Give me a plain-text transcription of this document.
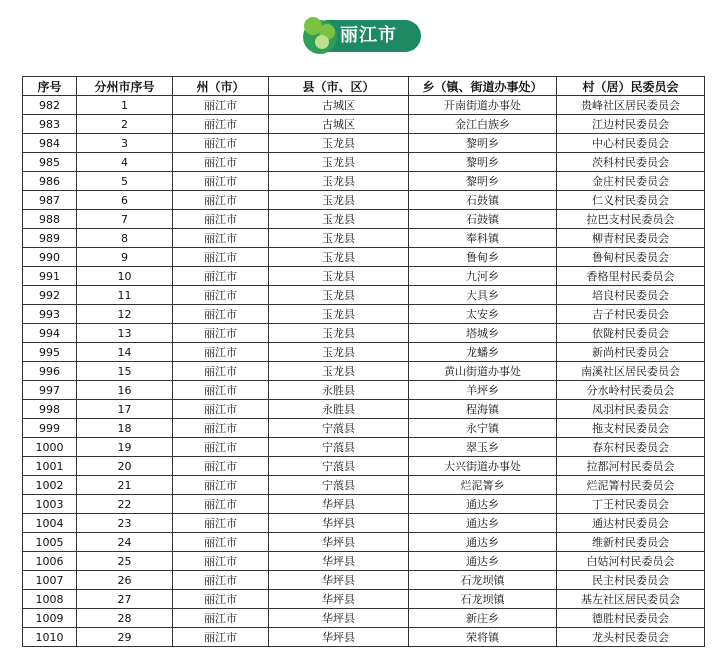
丽江市
序号	分州市序号	州（市）	县（市、区）	乡（镇、街道办事处）	村（居）民委员会
982	1	丽江市	古城区	开南街道办事处	贵峰社区居民委员会
983	2	丽江市	古城区	金江白族乡	江边村民委员会
984	3	丽江市	玉龙县	黎明乡	中心村民委员会
985	4	丽江市	玉龙县	黎明乡	茨科村民委员会
986	5	丽江市	玉龙县	黎明乡	金庄村民委员会
987	6	丽江市	玉龙县	石鼓镇	仁义村民委员会
988	7	丽江市	玉龙县	石鼓镇	拉巴支村民委员会
989	8	丽江市	玉龙县	奉科镇	柳青村民委员会
990	9	丽江市	玉龙县	鲁甸乡	鲁甸村民委员会
991	10	丽江市	玉龙县	九河乡	香格里村民委员会
992	11	丽江市	玉龙县	大具乡	培良村民委员会
993	12	丽江市	玉龙县	太安乡	吉子村民委员会
994	13	丽江市	玉龙县	塔城乡	依陇村民委员会
995	14	丽江市	玉龙县	龙蟠乡	新尚村民委员会
996	15	丽江市	玉龙县	黄山街道办事处	南溪社区居民委员会
997	16	丽江市	永胜县	羊坪乡	分水岭村民委员会
998	17	丽江市	永胜县	程海镇	凤羽村民委员会
999	18	丽江市	宁蒗县	永宁镇	拖支村民委员会
1000	19	丽江市	宁蒗县	翠玉乡	春东村民委员会
1001	20	丽江市	宁蒗县	大兴街道办事处	拉都河村民委员会
1002	21	丽江市	宁蒗县	烂泥箐乡	烂泥箐村民委员会
1003	22	丽江市	华坪县	通达乡	丁王村民委员会
1004	23	丽江市	华坪县	通达乡	通达村民委员会
1005	24	丽江市	华坪县	通达乡	维新村民委员会
1006	25	丽江市	华坪县	通达乡	白姑河村民委员会
1007	26	丽江市	华坪县	石龙坝镇	民主村民委员会
1008	27	丽江市	华坪县	石龙坝镇	基左社区居民委员会
1009	28	丽江市	华坪县	新庄乡	德胜村民委员会
1010	29	丽江市	华坪县	荣将镇	龙头村民委员会
